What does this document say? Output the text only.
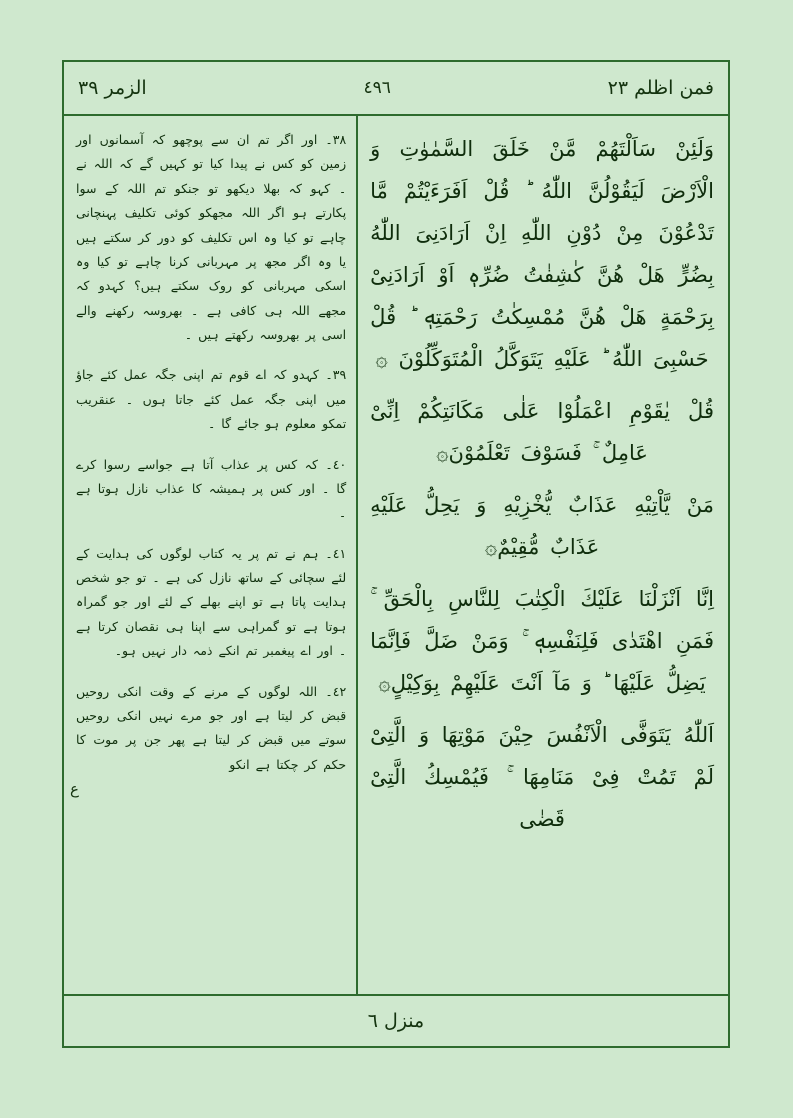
فمن اظلم ٢٣
٤٩٦
الزمر ٣٩
وَلَئِنْ سَاَلْتَهُمْ مَّنْ خَلَقَ السَّمٰوٰتِ وَ الْاَرْضَ لَيَقُوْلُنَّ اللّٰهُ ؕ قُلْ اَفَرَءَيْتُمْ مَّا تَدْعُوْنَ مِنْ دُوْنِ اللّٰهِ اِنْ اَرَادَنِیَ اللّٰهُ بِضُرٍّ هَلْ هُنَّ كٰشِفٰتُ ضُرِّهٖ اَوْ اَرَادَنِیْ بِرَحْمَةٍ هَلْ هُنَّ مُمْسِكٰتُ رَحْمَتِهٖ ؕ قُلْ حَسْبِیَ اللّٰهُ ؕ عَلَيْهِ يَتَوَكَّلُ الْمُتَوَكِّلُوْنَ ۞
قُلْ يٰقَوْمِ اعْمَلُوْا عَلٰی مَكَانَتِكُمْ اِنِّیْ عَامِلٌ ۚ فَسَوْفَ تَعْلَمُوْنَ۞
مَنْ يَّاْتِيْهِ عَذَابٌ يُّخْزِيْهِ وَ يَحِلُّ عَلَيْهِ عَذَابٌ مُّقِيْمٌ۞
اِنَّا اَنْزَلْنَا عَلَيْكَ الْكِتٰبَ لِلنَّاسِ بِالْحَقِّ ۚ فَمَنِ اهْتَدٰی فَلِنَفْسِهٖ ۚ وَمَنْ ضَلَّ فَاِنَّمَا يَضِلُّ عَلَيْهَا ؕ وَ مَآ اَنْتَ عَلَيْهِمْ بِوَكِيْلٍ۞
اَللّٰهُ يَتَوَفَّی الْاَنْفُسَ حِيْنَ مَوْتِهَا وَ الَّتِیْ لَمْ تَمُتْ فِیْ مَنَامِهَا ۚ فَيُمْسِكُ الَّتِیْ قَضٰی

٣٨۔ اور اگر تم ان سے پوچھو کہ آسمانوں اور زمین کو کس نے پیدا کیا تو کہیں گے کہ اللہ نے ۔ کہو کہ بھلا دیکھو تو جنکو تم اللہ کے سوا پکارتے ہو اگر اللہ مجھکو کوئی تکلیف پہنچانی چاہے تو کیا وہ اس تکلیف کو دور کر سکتے ہیں یا وہ اگر مجھ پر مہربانی کرنا چاہے تو کیا وہ اسکی مہربانی کو روک سکتے ہیں؟ کہدو کہ مجھے اللہ ہی کافی ہے ۔ بھروسہ رکھنے والے اسی پر بھروسہ رکھتے ہیں ۔

٣٩۔ کہدو کہ اے قوم تم اپنی جگہ عمل کئے جاؤ میں اپنی جگہ عمل کئے جاتا ہوں ۔ عنقریب تمکو معلوم ہو جائے گا ۔

٤٠۔ کہ کس پر عذاب آتا ہے جواسے رسوا کرے گا ۔ اور کس پر ہمیشہ کا عذاب نازل ہوتا ہے ۔

٤١۔ ہم نے تم پر یہ کتاب لوگوں کی ہدایت کے لئے سچائی کے ساتھ نازل کی ہے ۔ تو جو شخص ہدایت پاتا ہے تو اپنے بھلے کے لئے اور جو گمراہ ہوتا ہے تو گمراہی سے اپنا ہی نقصان کرتا ہے ۔ اور اے پیغمبر تم انکے ذمہ دار نہیں ہو۔

٤٢۔ اللہ لوگوں کے مرنے کے وقت انکی روحیں قبض کر لیتا ہے اور جو مرے نہیں انکی روحیں سوتے میں قبض کر لیتا ہے پھر جن پر موت کا حکم کر چکتا ہے انکو

منزل ٦
ع
